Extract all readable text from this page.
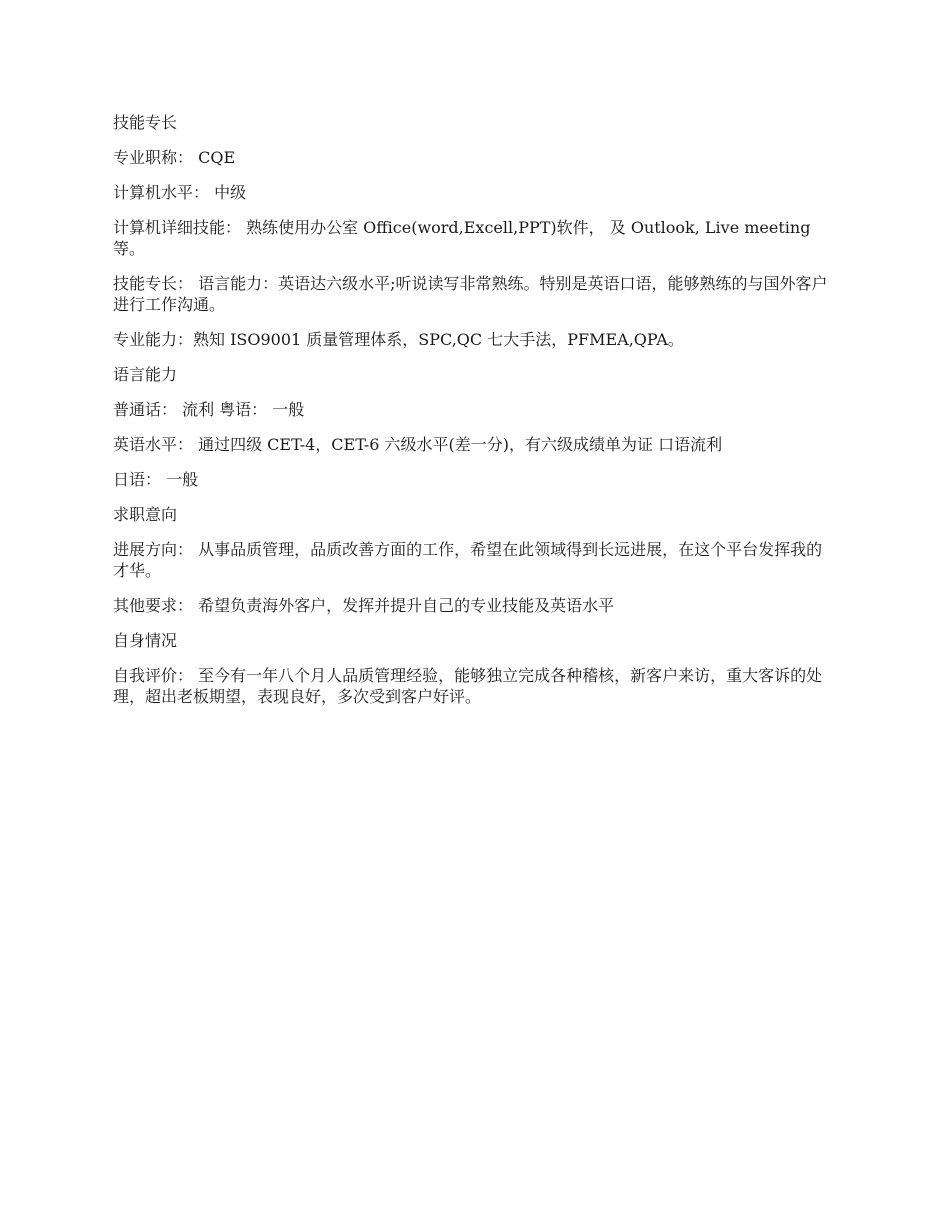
技能专长

专业职称： CQE

计算机水平： 中级

计算机详细技能： 熟练使用办公室 Office(word,Excell,PPT)软件， 及 Outlook, Live meeting 等。

技能专长： 语言能力：英语达六级水平;听说读写非常熟练。特别是英语口语，能够熟练的与国外客户进行工作沟通。

专业能力：熟知 ISO9001 质量管理体系，SPC,QC 七大手法，PFMEA,QPA。

语言能力

普通话： 流利 粤语： 一般

英语水平： 通过四级 CET-4，CET-6 六级水平(差一分)，有六级成绩单为证 口语流利

日语： 一般

求职意向

进展方向： 从事品质管理，品质改善方面的工作，希望在此领域得到长远进展，在这个平台发挥我的才华。

其他要求： 希望负责海外客户，发挥并提升自己的专业技能及英语水平

自身情况

自我评价： 至今有一年八个月人品质管理经验，能够独立完成各种稽核，新客户来访，重大客诉的处理，超出老板期望，表现良好，多次受到客户好评。
